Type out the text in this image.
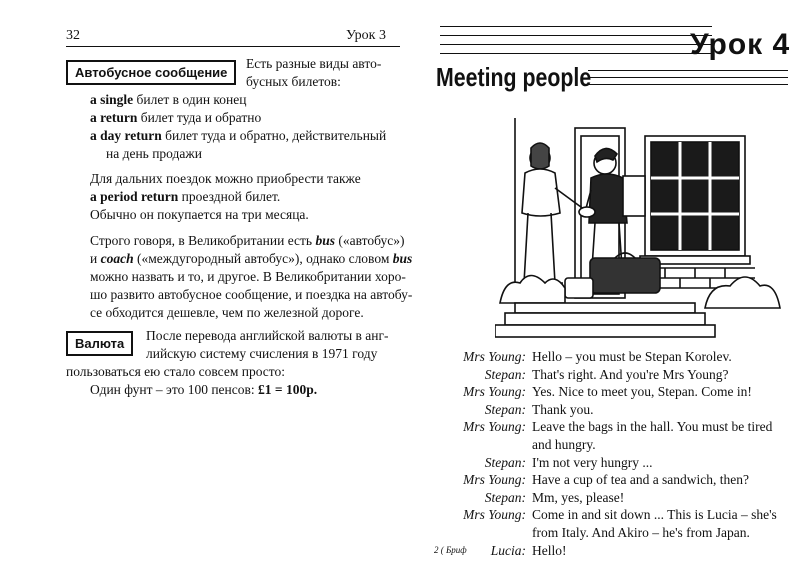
32	Урок 3
Автобусное сообщение
Есть разные виды авто-
бусных билетов:
a single билет в один конец
a return билет туда и обратно
a day return билет туда и обратно, действительный
на день продажи
Для дальних поездок можно приобрести также
a period return проездной билет.
Обычно он покупается на три месяца.
Строго говоря, в Великобритании есть bus («автобус»)
и coach («междугородный автобус»), однако словом bus
можно назвать и то, и другое. В Великобритании хоро-
шо развито автобусное сообщение, и поездка на автобу-
се обходится дешевле, чем по железной дороге.
Валюта
После перевода английской валюты в анг-
лийскую систему счисления в 1971 году
пользоваться ею стало совсем просто:
Один фунт – это 100 пенсов: £1 = 100p.
Урок 4
Meeting people
Mrs Young: Hello – you must be Stepan Korolev.
Stepan: That's right. And you're Mrs Young?
Mrs Young: Yes. Nice to meet you, Stepan. Come in!
Stepan: Thank you.
Mrs Young: Leave the bags in the hall. You must be tired
and hungry.
Stepan: I'm not very hungry ...
Mrs Young: Have a cup of tea and a sandwich, then?
Stepan: Mm, yes, please!
Mrs Young: Come in and sit down ... This is Lucia – she's
from Italy. And Akiro – he's from Japan.
Lucia: Hello!
2 ( Бриф
